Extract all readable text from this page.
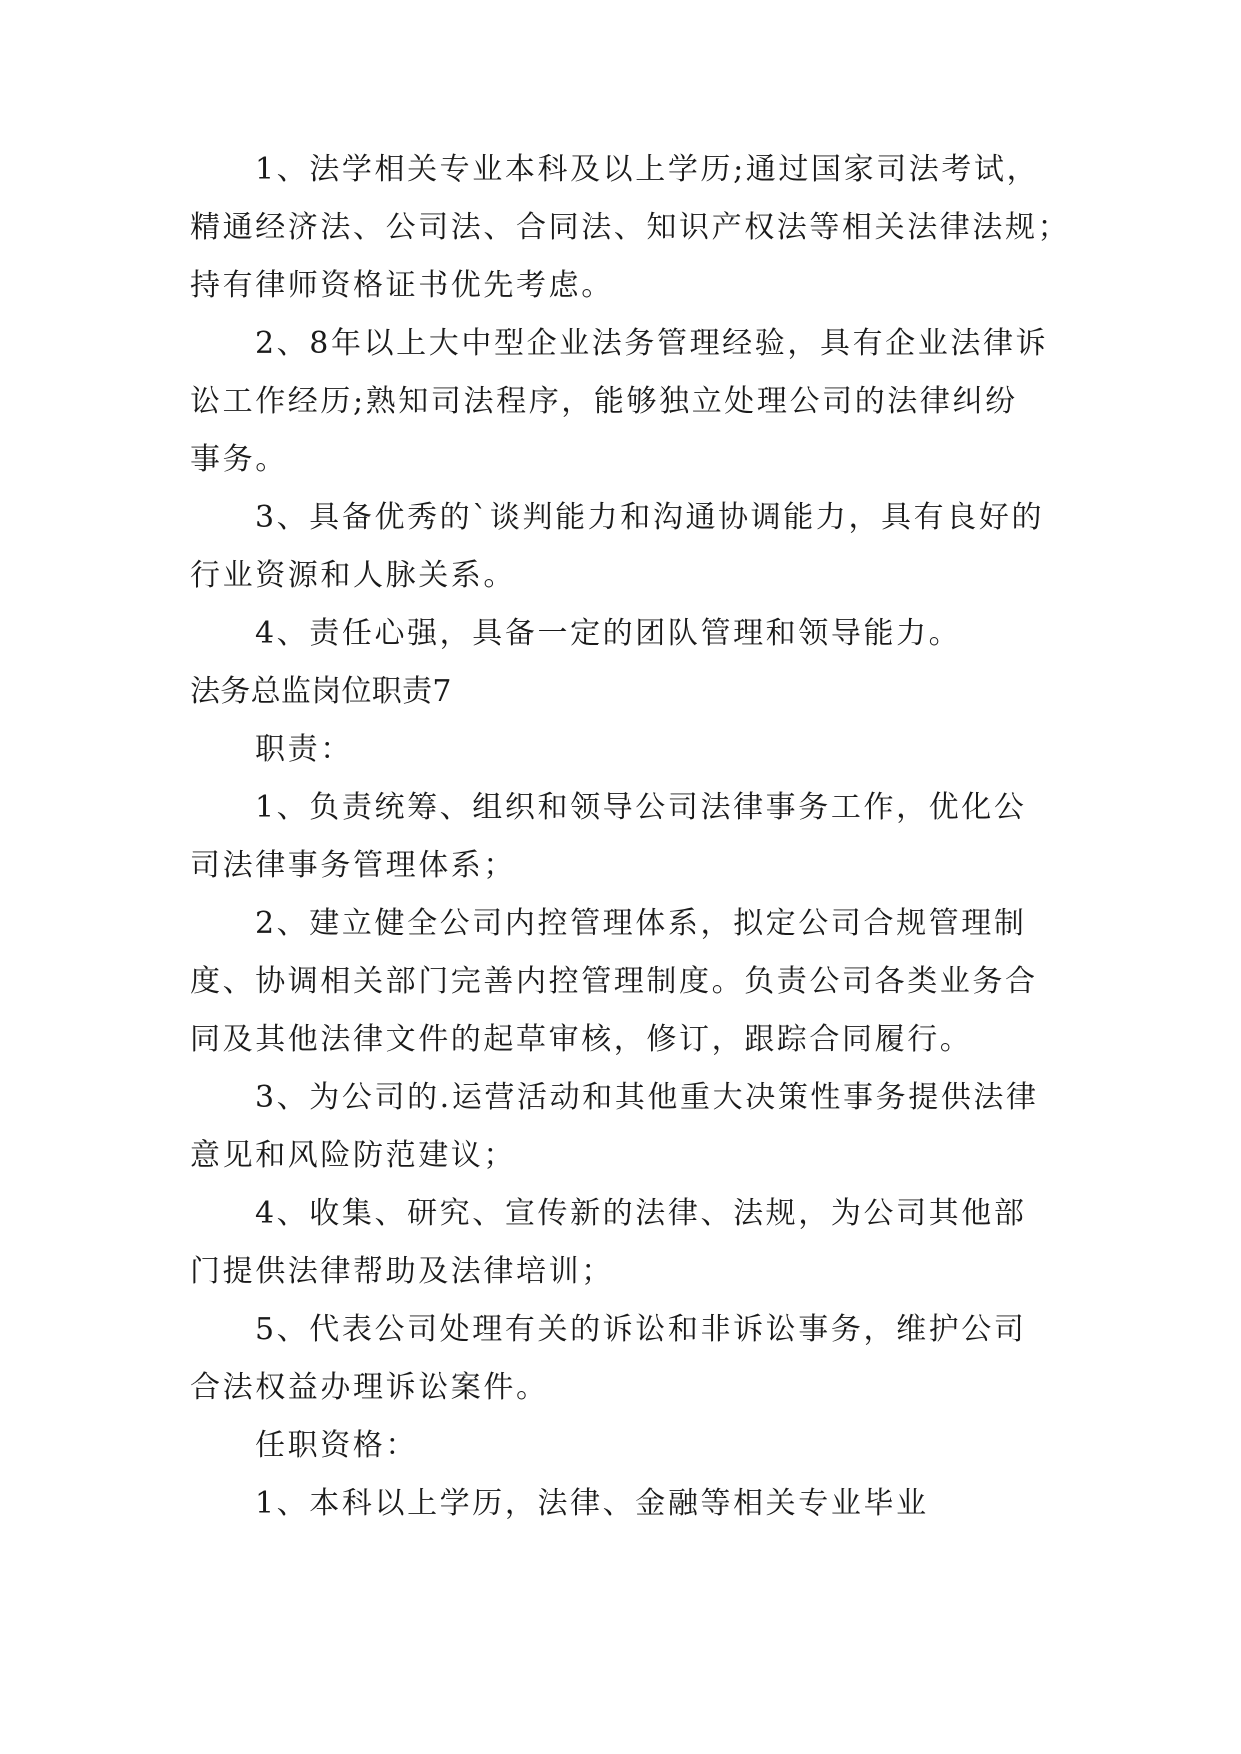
1、法学相关专业本科及以上学历;通过国家司法考试，
精通经济法、公司法、合同法、知识产权法等相关法律法规；
持有律师资格证书优先考虑。
2、8年以上大中型企业法务管理经验，具有企业法律诉
讼工作经历;熟知司法程序，能够独立处理公司的法律纠纷
事务。
3、具备优秀的`谈判能力和沟通协调能力，具有良好的
行业资源和人脉关系。
4、责任心强，具备一定的团队管理和领导能力。
法务总监岗位职责7
职责：
1、负责统筹、组织和领导公司法律事务工作，优化公
司法律事务管理体系；
2、建立健全公司内控管理体系，拟定公司合规管理制
度、协调相关部门完善内控管理制度。负责公司各类业务合
同及其他法律文件的起草审核，修订，跟踪合同履行。
3、为公司的.运营活动和其他重大决策性事务提供法律
意见和风险防范建议；
4、收集、研究、宣传新的法律、法规，为公司其他部
门提供法律帮助及法律培训；
5、代表公司处理有关的诉讼和非诉讼事务，维护公司
合法权益办理诉讼案件。
任职资格：
1、本科以上学历，法律、金融等相关专业毕业
